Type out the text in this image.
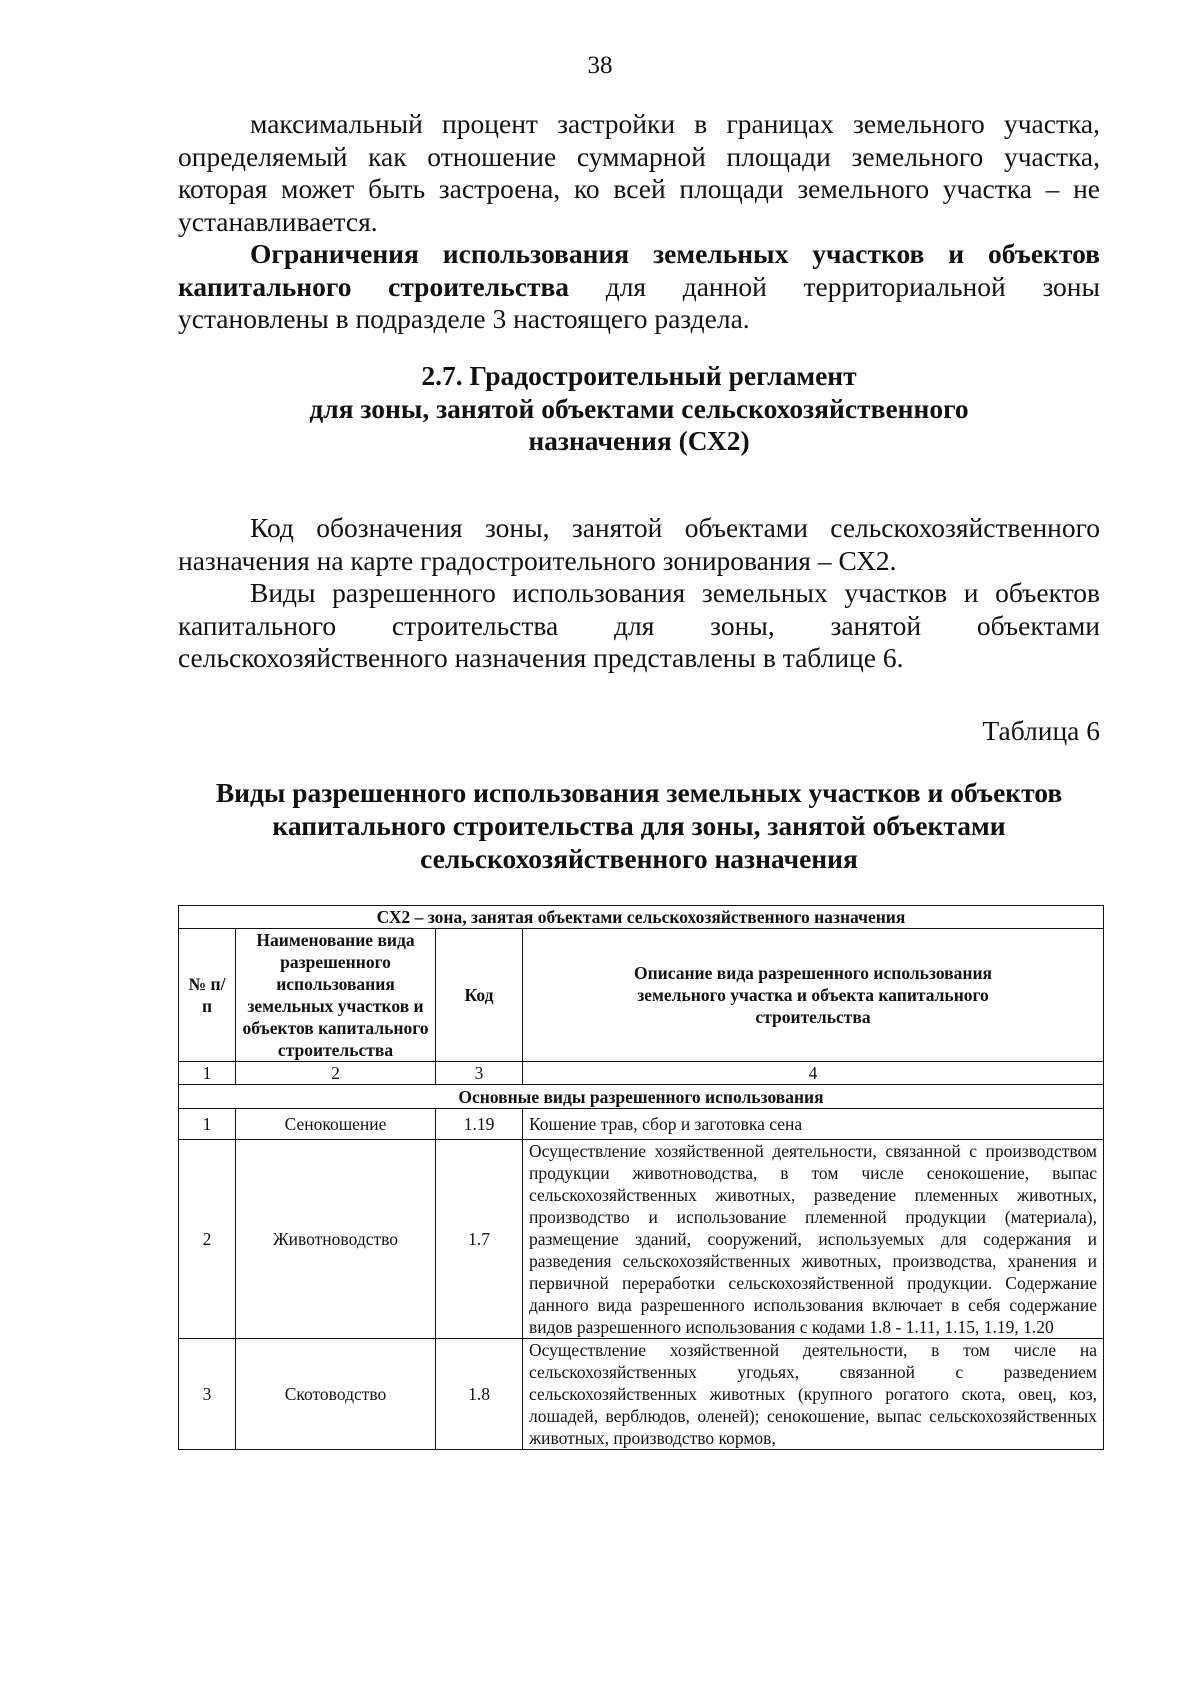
38

максимальный процент застройки в границах земельного участка, определяемый как отношение суммарной площади земельного участка, которая может быть застроена, ко всей площади земельного участка – не устанавливается.

Ограничения использования земельных участков и объектов капитального строительства для данной территориальной зоны установлены в подразделе 3 настоящего раздела.

2.7. Градостроительный регламент
для зоны, занятой объектами сельскохозяйственного
назначения (СХ2)

Код обозначения зоны, занятой объектами сельскохозяйственного назначения на карте градостроительного зонирования – СХ2.

Виды разрешенного использования земельных участков и объектов капитального строительства для зоны, занятой объектами сельскохозяйственного назначения представлены в таблице 6.

Таблица 6
Виды разрешенного использования земельных участков и объектов
капитального строительства для зоны, занятой объектами
сельскохозяйственного назначения
СХ2 – зона, занятая объектами сельскохозяйственного назначения			
№ п/п	Наименование вида разрешенного использования земельных участков и объектов капитального строительства	Код	Описание вида разрешенного использования земельного участка и объекта капитального строительства
1	2	3	4
Основные виды разрешенного использования			
1	Сенокошение	1.19	Кошение трав, сбор и заготовка сена
2	Животноводство	1.7	Осуществление хозяйственной деятельности, связанной с производством продукции животноводства, в том числе сенокошение, выпас сельскохозяйственных животных, разведение племенных животных, производство и использование племенной продукции (материала), размещение зданий, сооружений, используемых для содержания и разведения сельскохозяйственных животных, производства, хранения и первичной переработки сельскохозяйственной продукции. Содержание данного вида разрешенного использования включает в себя содержание видов разрешенного использования с кодами 1.8 - 1.11, 1.15, 1.19, 1.20
3	Скотоводство	1.8	Осуществление хозяйственной деятельности, в том числе на сельскохозяйственных угодьях, связанной с разведением сельскохозяйственных животных (крупного рогатого скота, овец, коз, лошадей, верблюдов, оленей); сенокошение, выпас сельскохозяйственных животных, производство кормов,
